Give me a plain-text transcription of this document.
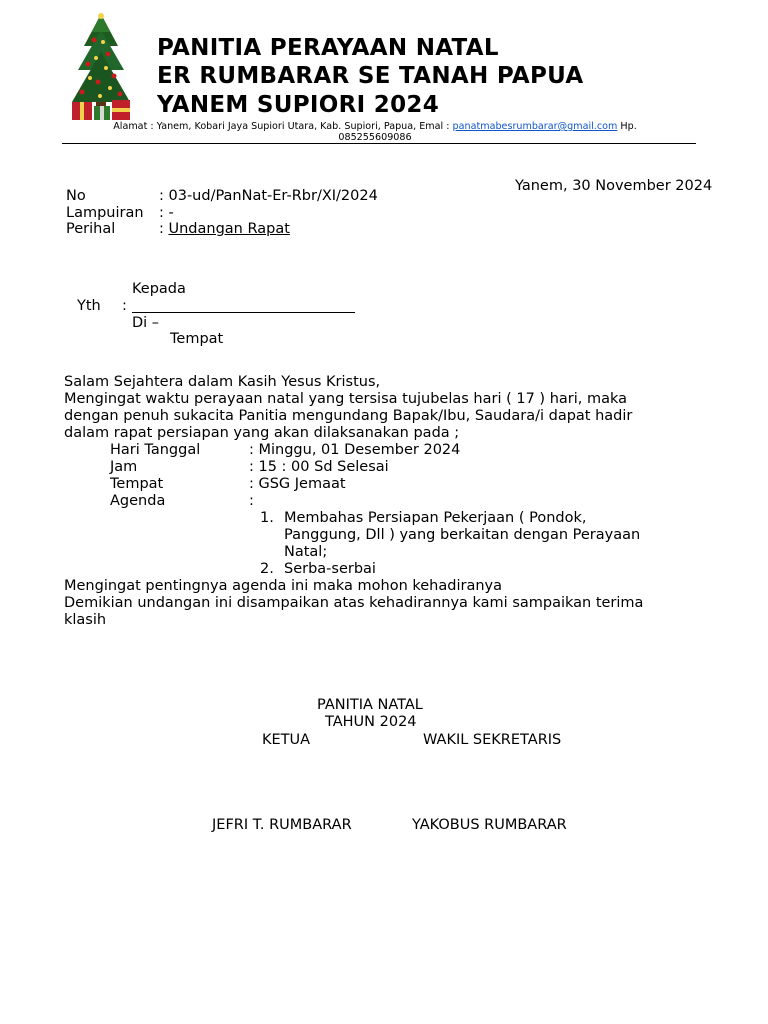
PANITIA PERAYAAN NATAL
ER RUMBARAR SE TANAH PAPUA
YANEM SUPIORI 2024
Alamat : Yanem, Kobari Jaya Supiori Utara, Kab. Supiori, Papua, Emal : panatmabesrumbarar@gmail.com Hp.
085255609086
Yanem, 30 November 2024
No	: 03-ud/PanNat-Er-Rbr/XI/2024
Lampuiran : -
Perihal	: Undangan Rapat
Kepada
Yth :
Di –
Tempat
Salam Sejahtera dalam Kasih Yesus Kristus,
Mengingat waktu perayaan natal yang tersisa tujubelas hari ( 17 ) hari, maka
dengan penuh sukacita Panitia mengundang Bapak/Ibu, Saudara/i dapat hadir
dalam rapat persiapan yang akan dilaksanakan pada ;
Hari Tanggal	: Minggu, 01 Desember 2024
Jam	: 15 : 00 Sd Selesai
Tempat	: GSG Jemaat
Agenda	:
1. Membahas Persiapan Pekerjaan ( Pondok,
Panggung, Dll ) yang berkaitan dengan Perayaan
Natal;
2. Serba-serbai
Mengingat pentingnya agenda ini maka mohon kehadiranya
Demikian undangan ini disampaikan atas kehadirannya kami sampaikan terima
klasih
PANITIA NATAL
TAHUN 2024
KETUA	WAKIL SEKRETARIS
JEFRI T. RUMBARAR	YAKOBUS RUMBARAR
